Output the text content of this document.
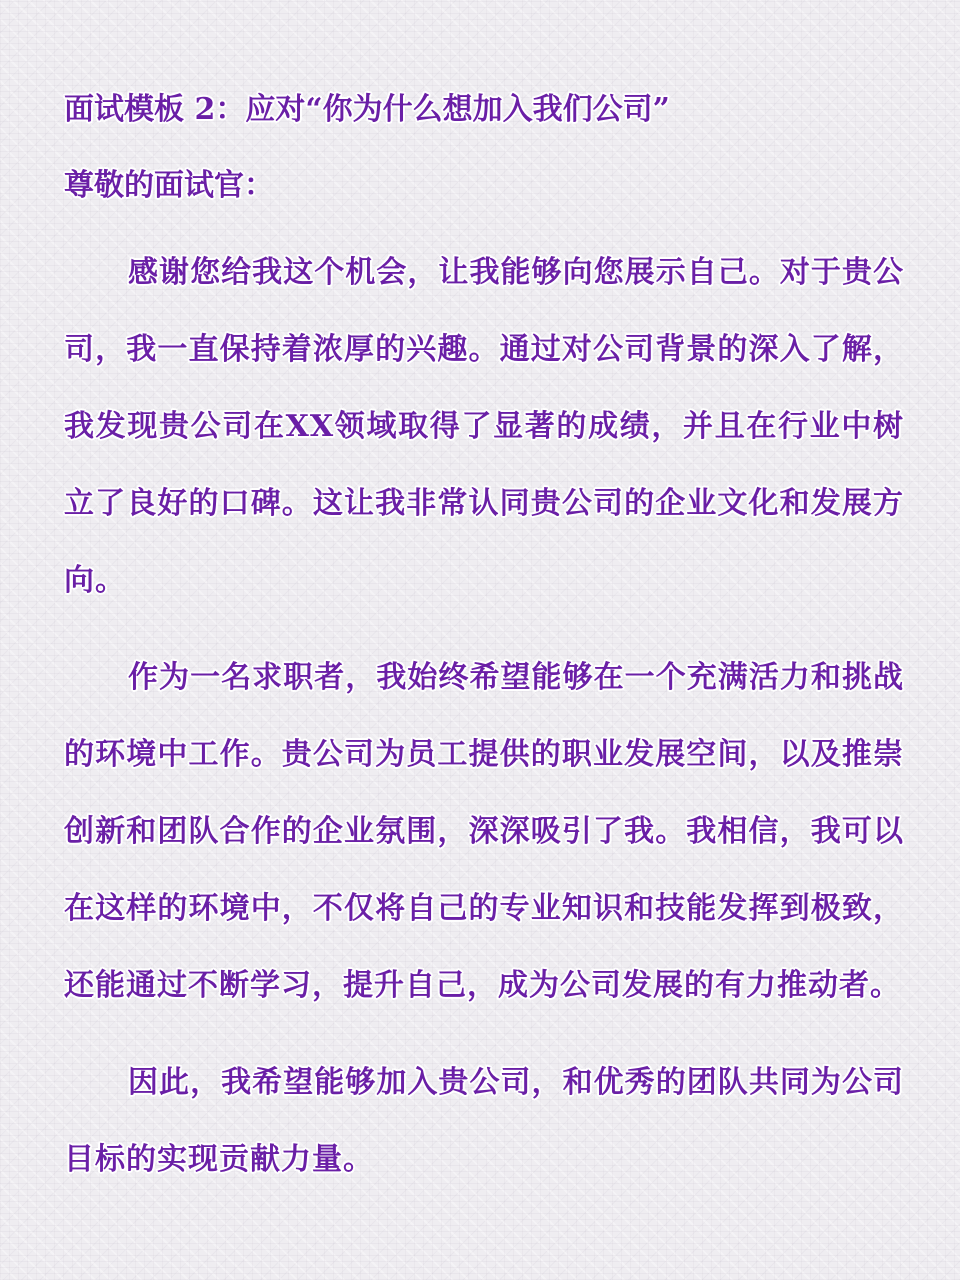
面试模板 2：应对“你为什么想加入我们公司”
尊敬的面试官：

感谢您给我这个机会，让我能够向您展示自己。对于贵公司，我一直保持着浓厚的兴趣。通过对公司背景的深入了解，我发现贵公司在XX领域取得了显著的成绩，并且在行业中树立了良好的口碑。这让我非常认同贵公司的企业文化和发展方向。

作为一名求职者，我始终希望能够在一个充满活力和挑战的环境中工作。贵公司为员工提供的职业发展空间，以及推崇创新和团队合作的企业氛围，深深吸引了我。我相信，我可以在这样的环境中，不仅将自己的专业知识和技能发挥到极致，还能通过不断学习，提升自己，成为公司发展的有力推动者。

因此，我希望能够加入贵公司，和优秀的团队共同为公司目标的实现贡献力量。
